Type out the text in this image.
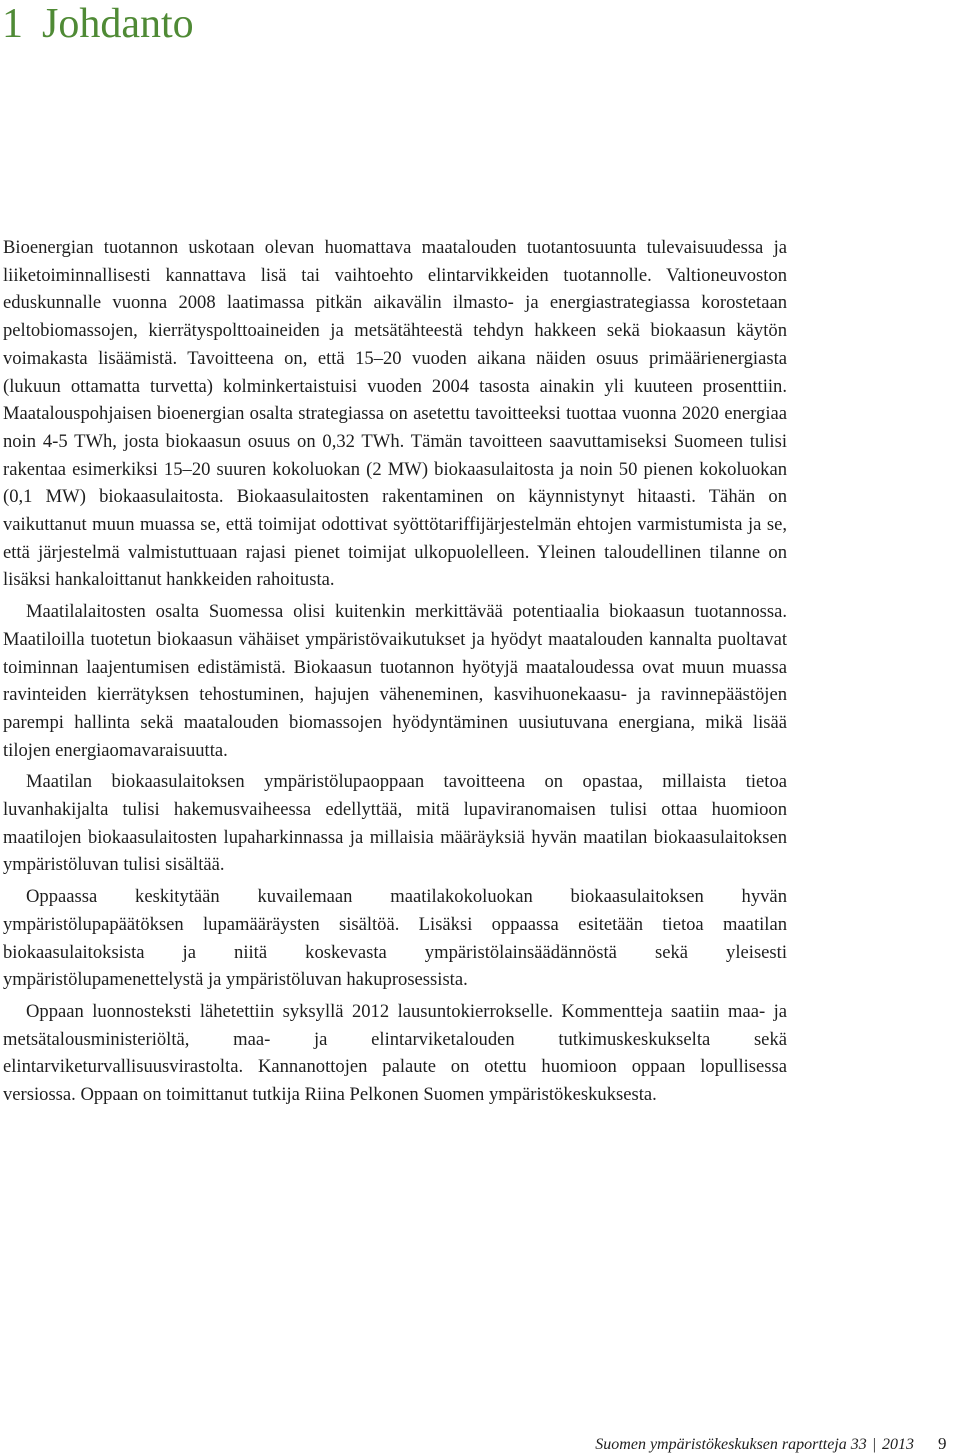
1 Johdanto

Bioenergian tuotannon uskotaan olevan huomattava maatalouden tuotantosuunta tulevaisuudessa ja liiketoiminnallisesti kannattava lisä tai vaihtoehto elintarvikkeiden tuotannolle. Valtioneuvoston eduskunnalle vuonna 2008 laatimassa pitkän aikavälin ilmasto- ja energiastrategiassa korostetaan peltobiomassojen, kierrätyspolttoaineiden ja metsätähteestä tehdyn hakkeen sekä biokaasun käytön voimakasta lisäämistä. Tavoitteena on, että 15–20 vuoden aikana näiden osuus primäärienergiasta (lukuun ottamatta turvetta) kolminkertaistuisi vuoden 2004 tasosta ainakin yli kuuteen prosenttiin. Maatalouspohjaisen bioenergian osalta strategiassa on asetettu tavoitteeksi tuottaa vuonna 2020 energiaa noin 4-5 TWh, josta biokaasun osuus on 0,32 TWh. Tämän tavoitteen saavuttamiseksi Suomeen tulisi rakentaa esimerkiksi 15–20 suuren kokoluokan (2 MW) biokaasulaitosta ja noin 50 pienen kokoluokan (0,1 MW) biokaasulaitosta. Biokaasulaitosten rakentaminen on käynnistynyt hitaasti. Tähän on vaikuttanut muun muassa se, että toimijat odottivat syöttötariffijärjestelmän ehtojen varmistumista ja se, että järjestelmä valmistuttuaan rajasi pienet toimijat ulkopuolelleen. Yleinen taloudellinen tilanne on lisäksi hankaloittanut hankkeiden rahoitusta.

Maatilalaitosten osalta Suomessa olisi kuitenkin merkittävää potentiaalia biokaasun tuotannossa. Maatiloilla tuotetun biokaasun vähäiset ympäristövaikutukset ja hyödyt maatalouden kannalta puoltavat toiminnan laajentumisen edistämistä. Biokaasun tuotannon hyötyjä maataloudessa ovat muun muassa ravinteiden kierrätyksen tehostuminen, hajujen väheneminen, kasvihuonekaasu- ja ravinnepäästöjen parempi hallinta sekä maatalouden biomassojen hyödyntäminen uusiutuvana energiana, mikä lisää tilojen energiaomavaraisuutta.

Maatilan biokaasulaitoksen ympäristölupaoppaan tavoitteena on opastaa, millaista tietoa luvanhakijalta tulisi hakemusvaiheessa edellyttää, mitä lupaviranomaisen tulisi ottaa huomioon maatilojen biokaasulaitosten lupaharkinnassa ja millaisia määräyksiä hyvän maatilan biokaasulaitoksen ympäristöluvan tulisi sisältää.

Oppaassa keskitytään kuvailemaan maatilakokoluokan biokaasulaitoksen hyvän ympäristölupapäätöksen lupamääräysten sisältöä. Lisäksi oppaassa esitetään tietoa maatilan biokaasulaitoksista ja niitä koskevasta ympäristölainsäädännöstä sekä yleisesti ympäristölupamenettelystä ja ympäristöluvan hakuprosessista.

Oppaan luonnosteksti lähetettiin syksyllä 2012 lausuntokierrokselle. Kommentteja saatiin maa- ja metsätalousministeriöltä, maa- ja elintarviketalouden tutkimuskeskukselta sekä elintarviketurvallisuusvirastolta. Kannanottojen palaute on otettu huomioon oppaan lopullisessa versiossa. Oppaan on toimittanut tutkija Riina Pelkonen Suomen ympäristökeskuksesta.

Suomen ympäristökeskuksen raportteja 33 | 2013 9
